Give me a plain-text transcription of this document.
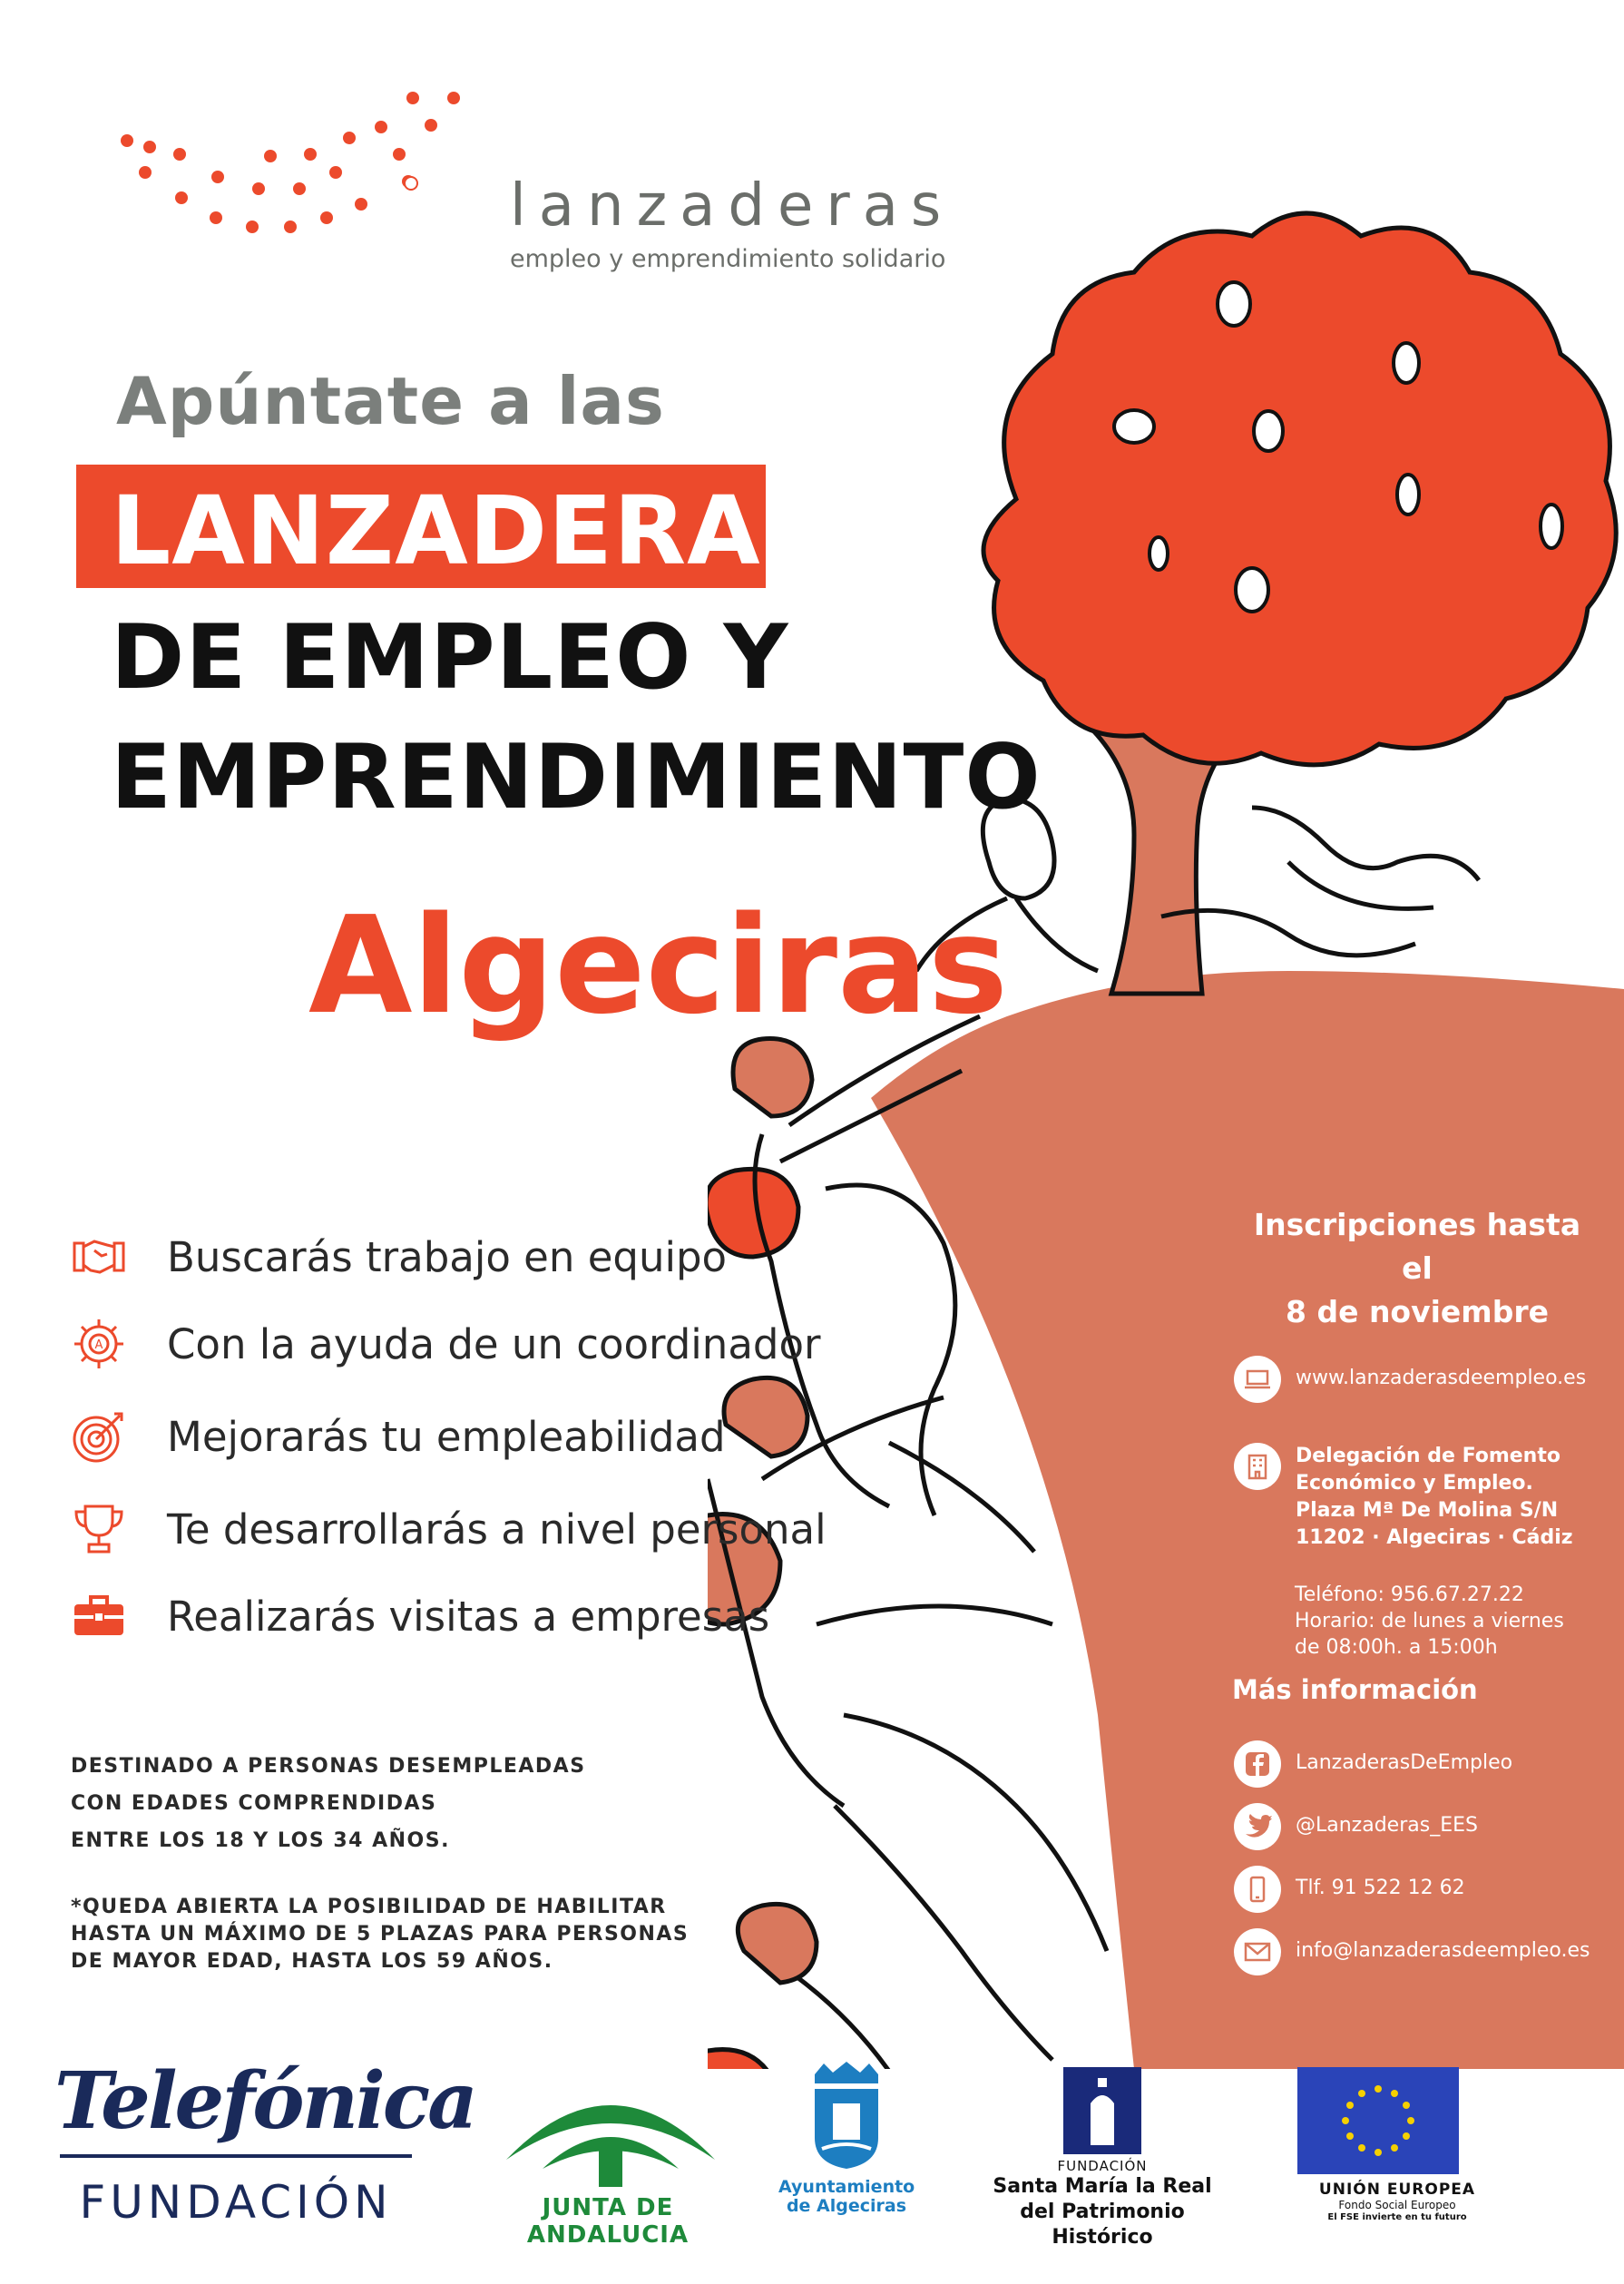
lanzaderas
empleo y emprendimiento solidario
Apúntate a las
LANZADERAS
DE EMPLEO Y
EMPRENDIMIENTO
Algeciras
Buscarás trabajo en equipo
A Con la ayuda de un coordinador
Mejorarás tu empleabilidad
Te desarrollarás a nivel personal
Realizarás visitas a empresas
DESTINADO A PERSONAS DESEMPLEADAS
CON EDADES COMPRENDIDAS
ENTRE LOS 18 Y LOS 34 AÑOS.
*QUEDA ABIERTA LA POSIBILIDAD DE HABILITAR
HASTA UN MÁXIMO DE 5 PLAZAS PARA PERSONAS
DE MAYOR EDAD, HASTA LOS 59 AÑOS.
Inscripciones hasta el
8 de noviembre
www.lanzaderasdeempleo.es
Delegación de Fomento
Económico y Empleo.
Plaza Mª De Molina S/N
11202 · Algeciras · Cádiz
Teléfono: 956.67.27.22
Horario: de lunes a viernes
de 08:00h. a 15:00h
Más información
LanzaderasDeEmpleo
@Lanzaderas_EES
Tlf. 91 522 12 62
info@lanzaderasdeempleo.es
Telefónica
FUNDACIÓN	JUNTA DE ANDALUCIA
Ayuntamiento
de Algeciras
FUNDACIÓN
Santa María la Real
del Patrimonio Histórico
UNIÓN EUROPEA
Fondo Social Europeo
El FSE invierte en tu futuro
